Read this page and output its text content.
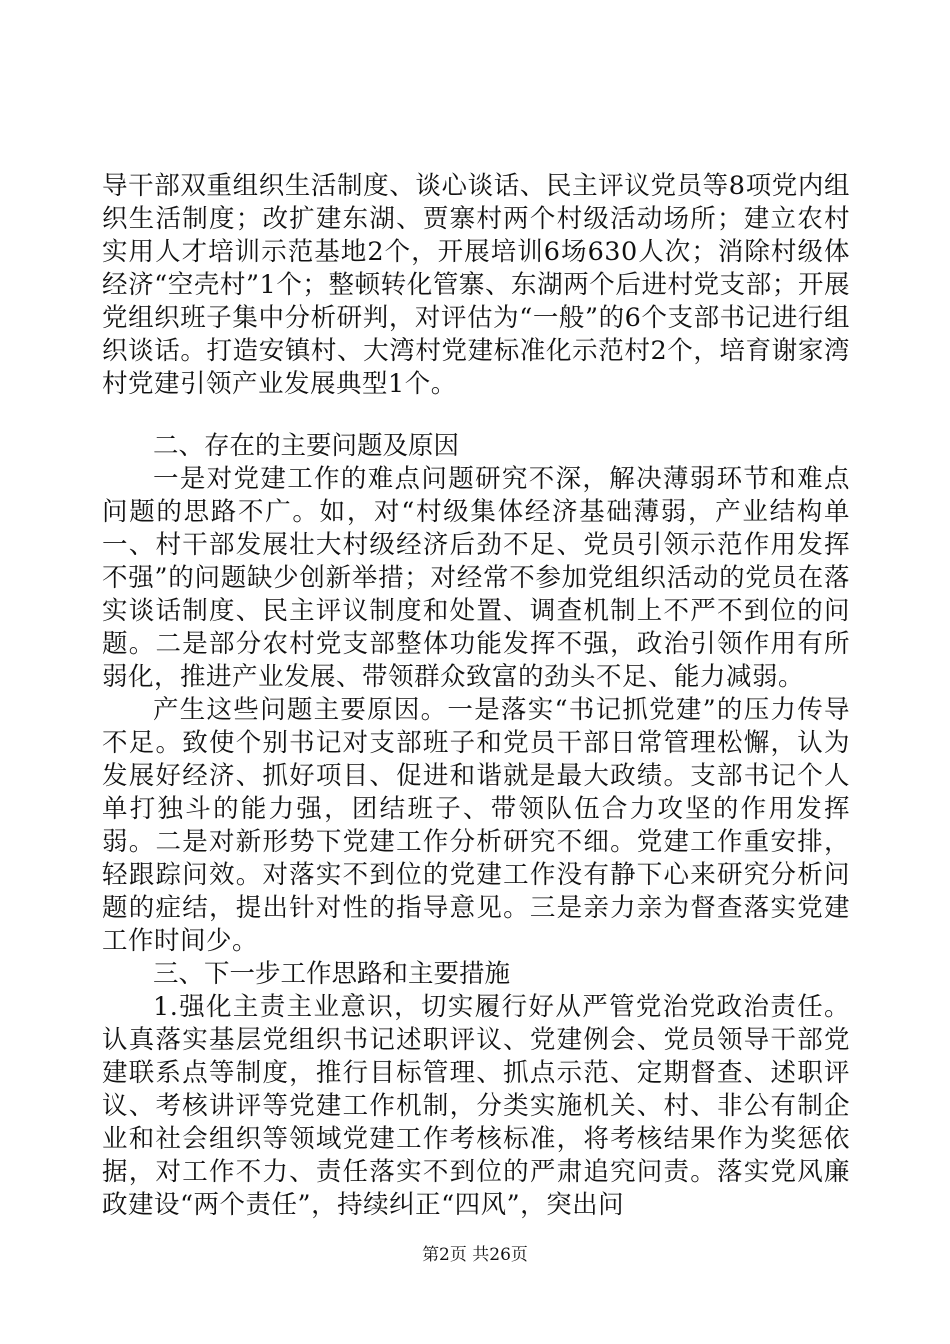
导干部双重组织生活制度、谈心谈话、民主评议党员等8项党内组织生活制度；改扩建东湖、贾寨村两个村级活动场所；建立农村实用人才培训示范基地2个，开展培训6场630人次；消除村级体经济“空壳村”1个；整顿转化管寨、东湖两个后进村党支部；开展党组织班子集中分析研判，对评估为“一般”的6个支部书记进行组织谈话。打造安镇村、大湾村党建标准化示范村2个，培育谢家湾村党建引领产业发展典型1个。

二、存在的主要问题及原因

一是对党建工作的难点问题研究不深，解决薄弱环节和难点问题的思路不广。如，对“村级集体经济基础薄弱，产业结构单一、村干部发展壮大村级经济后劲不足、党员引领示范作用发挥不强”的问题缺少创新举措；对经常不参加党组织活动的党员在落实谈话制度、民主评议制度和处置、调查机制上不严不到位的问题。二是部分农村党支部整体功能发挥不强，政治引领作用有所弱化，推进产业发展、带领群众致富的劲头不足、能力减弱。

产生这些问题主要原因。一是落实“书记抓党建”的压力传导不足。致使个别书记对支部班子和党员干部日常管理松懈，认为发展好经济、抓好项目、促进和谐就是最大政绩。支部书记个人单打独斗的能力强，团结班子、带领队伍合力攻坚的作用发挥弱。二是对新形势下党建工作分析研究不细。党建工作重安排，轻跟踪问效。对落实不到位的党建工作没有静下心来研究分析问题的症结，提出针对性的指导意见。三是亲力亲为督查落实党建工作时间少。

三、下一步工作思路和主要措施

1.强化主责主业意识，切实履行好从严管党治党政治责任。认真落实基层党组织书记述职评议、党建例会、党员领导干部党建联系点等制度，推行目标管理、抓点示范、定期督查、述职评议、考核讲评等党建工作机制，分类实施机关、村、非公有制企业和社会组织等领域党建工作考核标准，将考核结果作为奖惩依据，对工作不力、责任落实不到位的严肃追究问责。落实党风廉政建设“两个责任”，持续纠正“四风”，突出问

第2页 共26页
